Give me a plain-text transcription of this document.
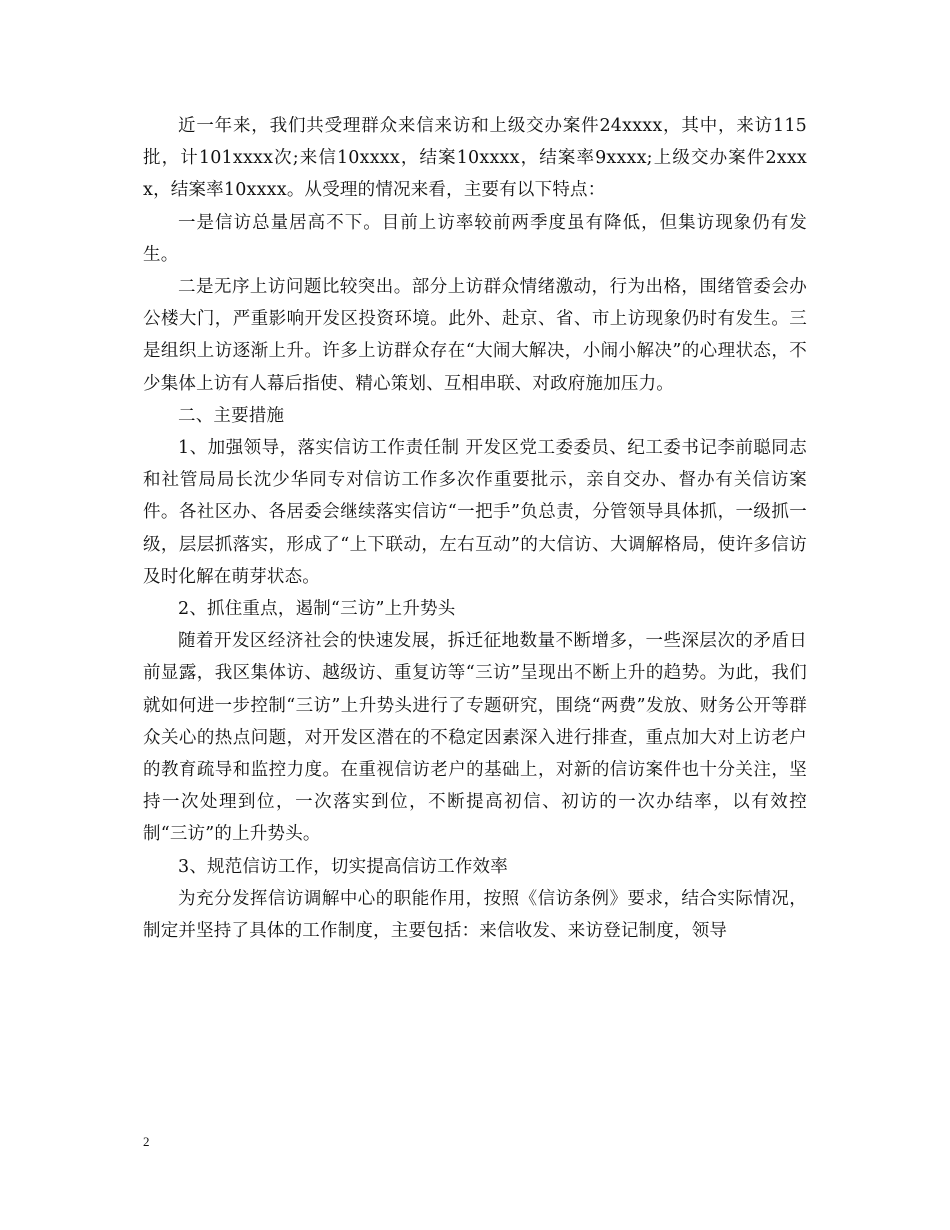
近一年来，我们共受理群众来信来访和上级交办案件24xxxx，其中，来访115批，计101xxxx次;来信10xxxx，结案10xxxx，结案率9xxxx;上级交办案件2xxxx，结案率10xxxx。从受理的情况来看，主要有以下特点：

一是信访总量居高不下。目前上访率较前两季度虽有降低，但集访现象仍有发生。

二是无序上访问题比较突出。部分上访群众情绪激动，行为出格，围绪管委会办公楼大门，严重影响开发区投资环境。此外、赴京、省、市上访现象仍时有发生。三是组织上访逐渐上升。许多上访群众存在“大闹大解决，小闹小解决”的心理状态，不少集体上访有人幕后指使、精心策划、互相串联、对政府施加压力。

二、主要措施

1、加强领导，落实信访工作责任制 开发区党工委委员、纪工委书记李前聪同志和社管局局长沈少华同专对信访工作多次作重要批示，亲自交办、督办有关信访案件。各社区办、各居委会继续落实信访“一把手”负总责，分管领导具体抓，一级抓一级，层层抓落实，形成了“上下联动，左右互动”的大信访、大调解格局，使许多信访及时化解在萌芽状态。

2、抓住重点，遏制“三访”上升势头

随着开发区经济社会的快速发展，拆迁征地数量不断增多，一些深层次的矛盾日前显露，我区集体访、越级访、重复访等“三访”呈现出不断上升的趋势。为此，我们就如何进一步控制“三访”上升势头进行了专题研究，围绕“两费”发放、财务公开等群众关心的热点问题，对开发区潜在的不稳定因素深入进行排查，重点加大对上访老户的教育疏导和监控力度。在重视信访老户的基础上，对新的信访案件也十分关注，坚持一次处理到位，一次落实到位，不断提高初信、初访的一次办结率，以有效控制“三访”的上升势头。

3、规范信访工作，切实提高信访工作效率

为充分发挥信访调解中心的职能作用，按照《信访条例》要求，结合实际情况，制定并坚持了具体的工作制度，主要包括：来信收发、来访登记制度，领导

2
